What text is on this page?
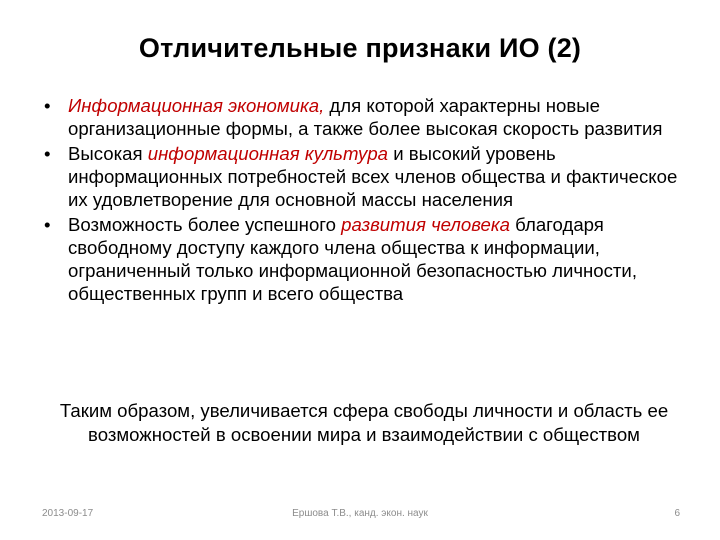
Отличительные признаки ИО (2)
• Информационная экономика, для которой характерны новые организационные формы, а также более высокая скорость развития
• Высокая информационная культура и высокий уровень информационных потребностей всех членов общества и фактическое их удовлетворение для основной массы населения
• Возможность более успешного развития человека благодаря свободному доступу каждого члена общества к информации, ограниченный только информационной безопасностью личности, общественных групп и всего общества
Таким образом, увеличивается сфера свободы личности и область ее возможностей в освоении мира и взаимодействии с обществом
2013-09-17	Ершова Т.В., канд. экон. наук	6
